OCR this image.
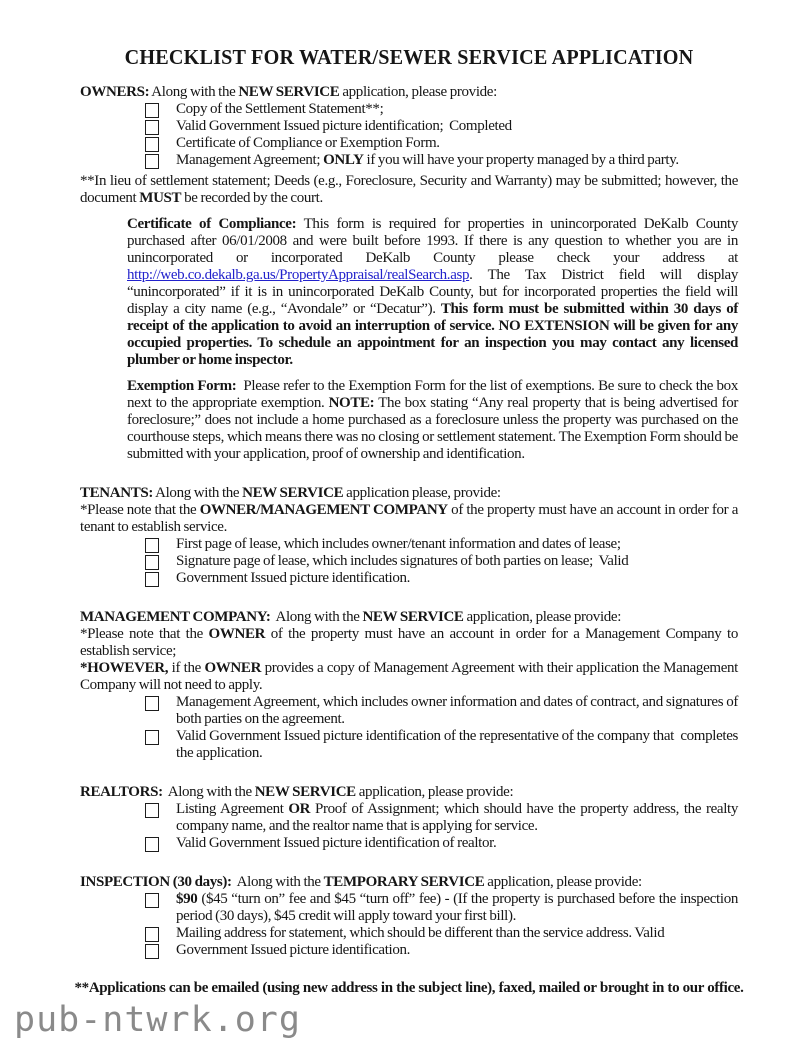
CHECKLIST FOR WATER/SEWER SERVICE APPLICATION

OWNERS: Along with the NEW SERVICE application, please provide:

Copy of the Settlement Statement**;
Valid Government Issued picture identification;  Completed
Certificate of Compliance or Exemption Form.
Management Agreement; ONLY if you will have your property managed by a third party.

**In lieu of settlement statement; Deeds (e.g., Foreclosure, Security and Warranty) may be submitted; however, the document MUST be recorded by the court.

Certificate of Compliance: This form is required for properties in unincorporated DeKalb County purchased after 06/01/2008 and were built before 1993. If there is any question to whether you are in unincorporated or incorporated DeKalb County please check your address at http://web.co.dekalb.ga.us/PropertyAppraisal/realSearch.asp. The Tax District field will display “unincorporated” if it is in unincorporated DeKalb County, but for incorporated properties the field will display a city name (e.g., “Avondale” or “Decatur”). This form must be submitted within 30 days of receipt of the application to avoid an interruption of service. NO EXTENSION will be given for any occupied properties. To schedule an appointment for an inspection you may contact any licensed plumber or home inspector.

Exemption Form:  Please refer to the Exemption Form for the list of exemptions. Be sure to check the box next to the appropriate exemption. NOTE: The box stating “Any real property that is being advertised for foreclosure;” does not include a home purchased as a foreclosure unless the property was purchased on the courthouse steps, which means there was no closing or settlement statement. The Exemption Form should be submitted with your application, proof of ownership and identification.

TENANTS: Along with the NEW SERVICE application please, provide:

*Please note that the OWNER/MANAGEMENT COMPANY of the property must have an account in order for a tenant to establish service.

First page of lease, which includes owner/tenant information and dates of lease;
Signature page of lease, which includes signatures of both parties on lease;  Valid
Government Issued picture identification.

MANAGEMENT COMPANY:  Along with the NEW SERVICE application, please provide:

*Please note that the OWNER of the property must have an account in order for a Management Company to establish service;

*HOWEVER, if the OWNER provides a copy of Management Agreement with their application the Management Company will not need to apply.

Management Agreement, which includes owner information and dates of contract, and signatures of both parties on the agreement.
Valid Government Issued picture identification of the representative of the company that  completes the application.

REALTORS:  Along with the NEW SERVICE application, please provide:

Listing Agreement OR Proof of Assignment; which should have the property address, the realty company name, and the realtor name that is applying for service.
Valid Government Issued picture identification of realtor.

INSPECTION (30 days):  Along with the TEMPORARY SERVICE application, please provide:

$90 ($45 “turn on” fee and $45 “turn off” fee) - (If the property is purchased before the inspection period (30 days), $45 credit will apply toward your first bill).
Mailing address for statement, which should be different than the service address. Valid
Government Issued picture identification.

**Applications can be emailed (using new address in the subject line), faxed, mailed or brought in to our office.

pub-ntwrk.org
